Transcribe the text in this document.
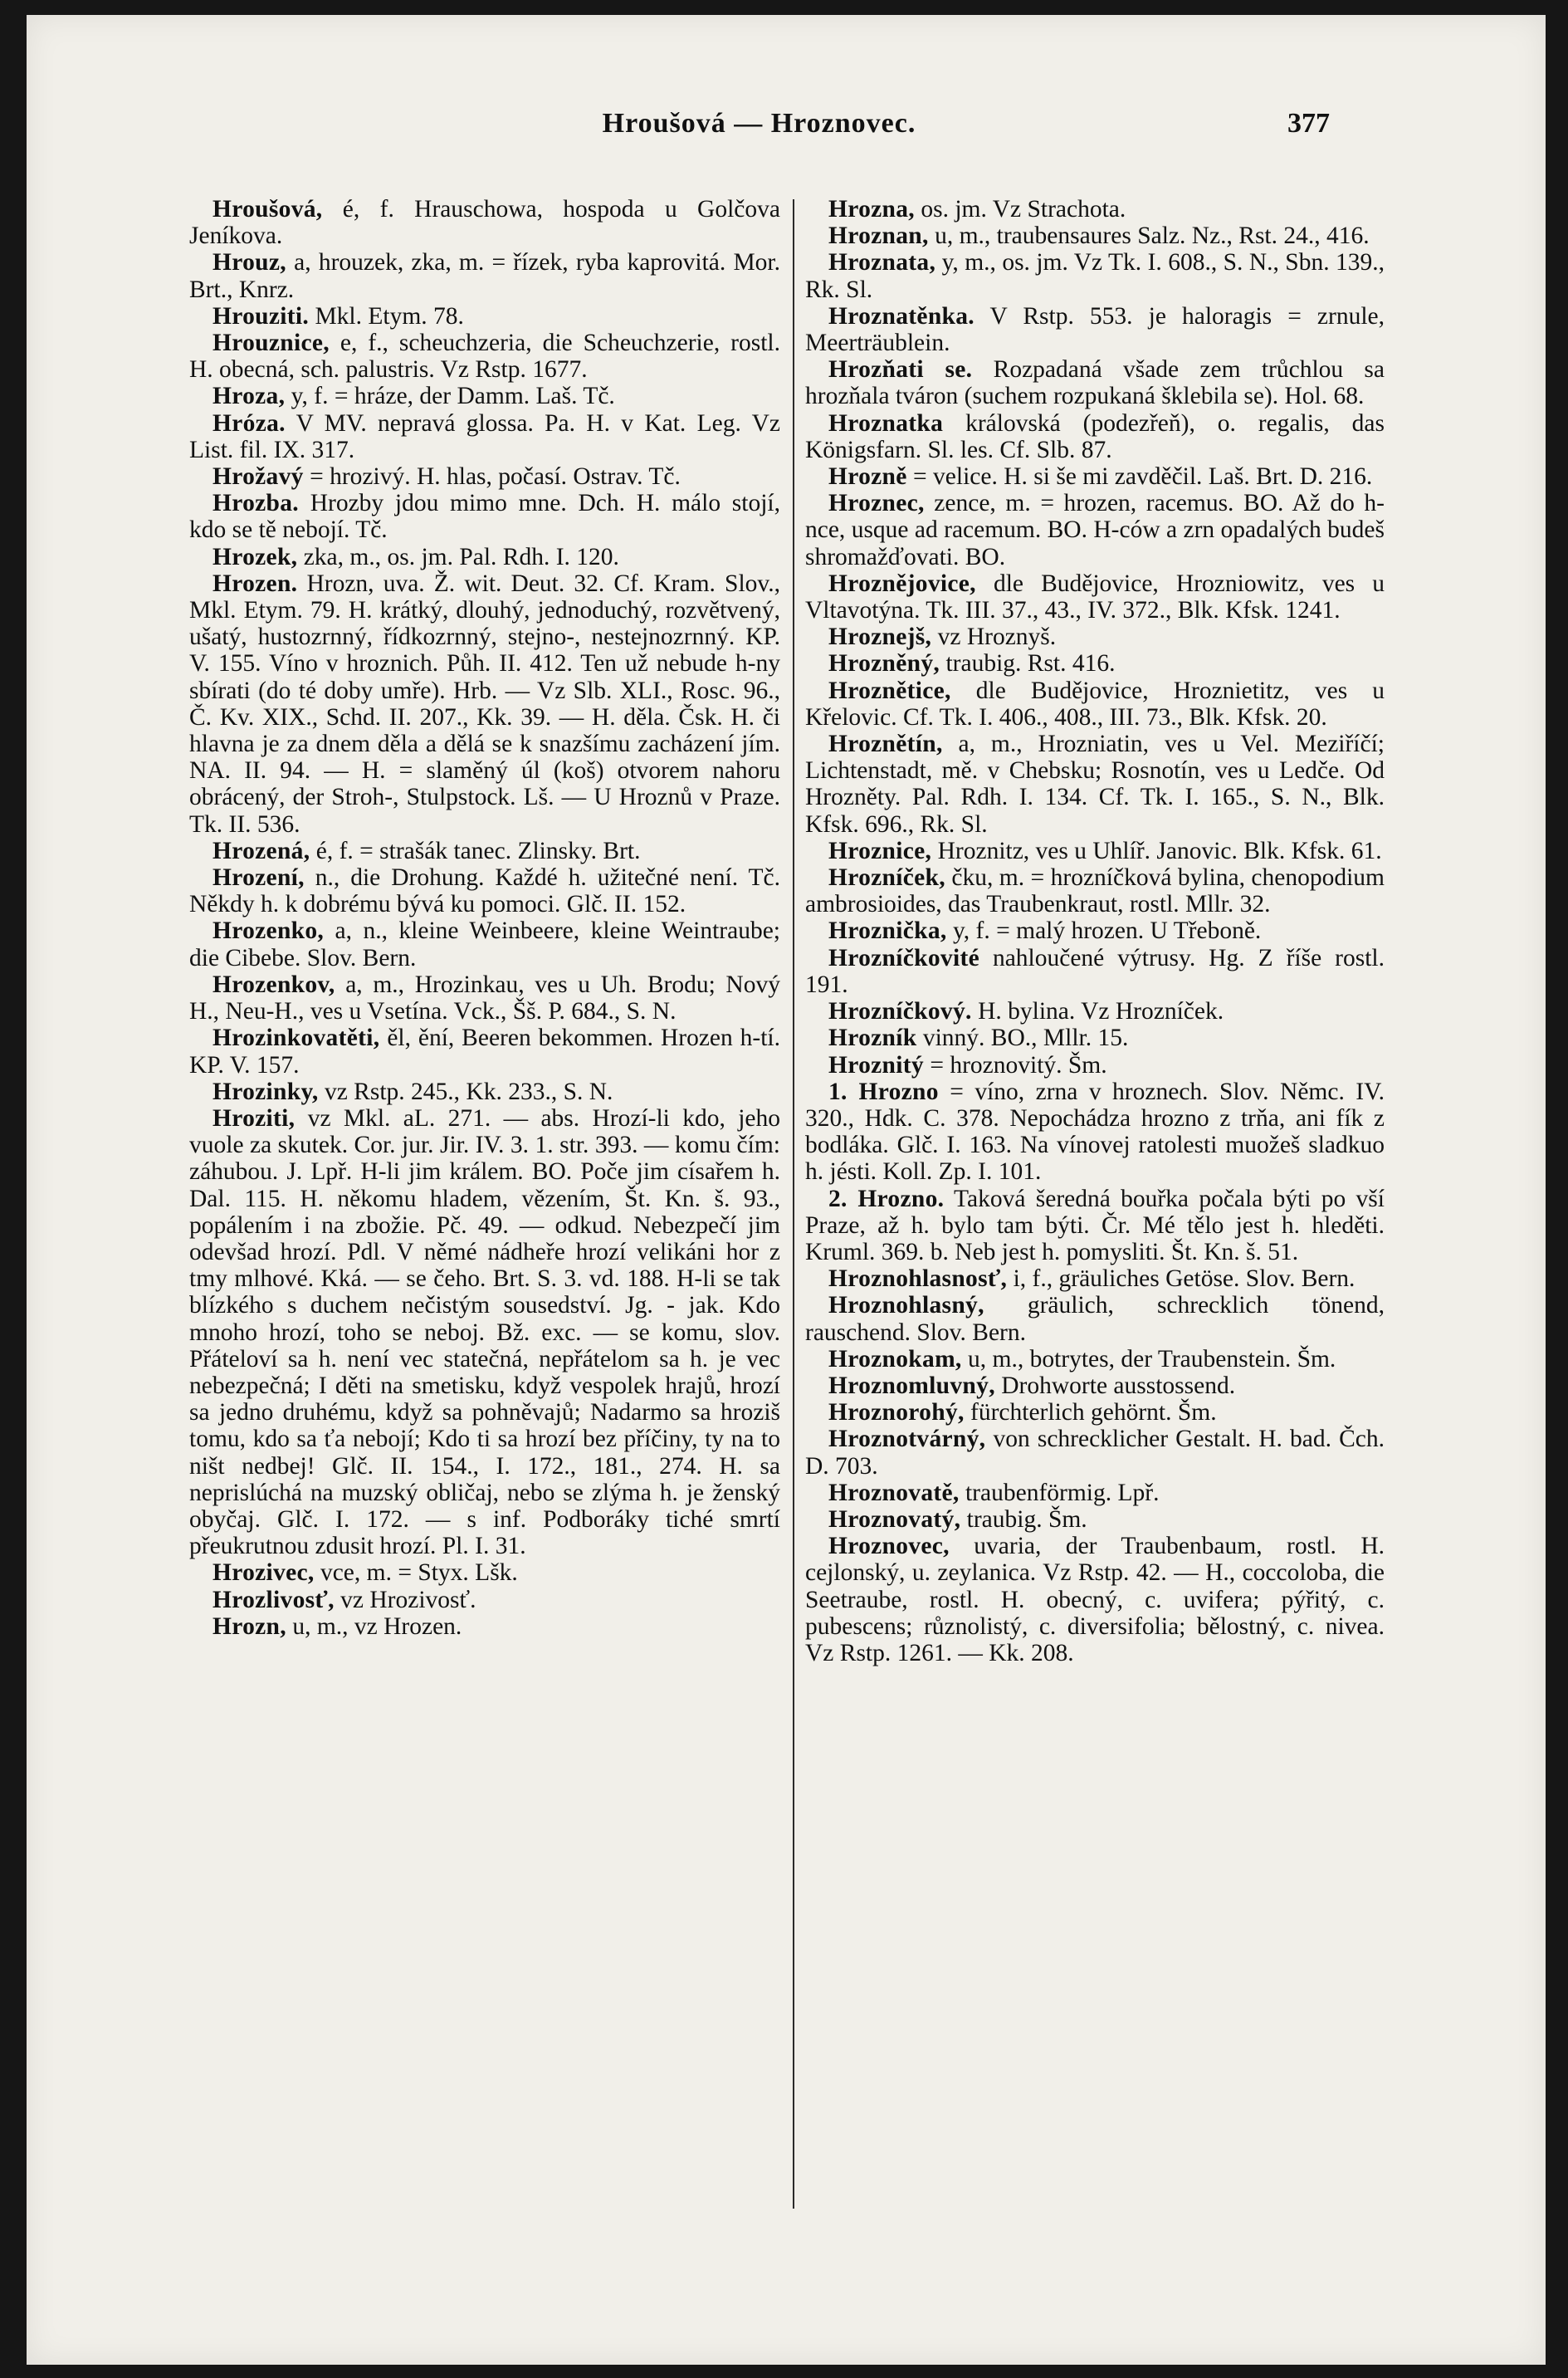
Hroušová — Hroznovec.	377

Hroušová, é, f. Hrauschowa, hospoda u Golčova Jeníkova.

Hrouz, a, hrouzek, zka, m. = řízek, ryba kaprovitá. Mor. Brt., Knrz.

Hrouziti. Mkl. Etym. 78.

Hrouznice, e, f., scheuchzeria, die Scheuchzerie, rostl. H. obecná, sch. palustris. Vz Rstp. 1677.

Hroza, y, f. = hráze, der Damm. Laš. Tč.

Hróza. V MV. nepravá glossa. Pa. H. v Kat. Leg. Vz List. fil. IX. 317.

Hrožavý = hrozivý. H. hlas, počasí. Ostrav. Tč.

Hrozba. Hrozby jdou mimo mne. Dch. H. málo stojí, kdo se tě nebojí. Tč.

Hrozek, zka, m., os. jm. Pal. Rdh. I. 120.

Hrozen. Hrozn, uva. Ž. wit. Deut. 32. Cf. Kram. Slov., Mkl. Etym. 79. H. krátký, dlouhý, jednoduchý, rozvětvený, ušatý, hustozrnný, řídkozrnný, stejno-, nestejnozrnný. KP. V. 155. Víno v hroznich. Půh. II. 412. Ten už nebude h-ny sbírati (do té doby umře). Hrb. — Vz Slb. XLI., Rosc. 96., Č. Kv. XIX., Schd. II. 207., Kk. 39. — H. děla. Čsk. H. či hlavna je za dnem děla a dělá se k snazšímu zacházení jím. NA. II. 94. — H. = slaměný úl (koš) otvorem nahoru obrácený, der Stroh-, Stulpstock. Lš. — U Hroznů v Praze. Tk. II. 536.

Hrozená, é, f. = strašák tanec. Zlinsky. Brt.

Hrození, n., die Drohung. Každé h. užitečné není. Tč. Někdy h. k dobrému bývá ku pomoci. Glč. II. 152.

Hrozenko, a, n., kleine Weinbeere, kleine Weintraube; die Cibebe. Slov. Bern.

Hrozenkov, a, m., Hrozinkau, ves u Uh. Brodu; Nový H., Neu-H., ves u Vsetína. Vck., Šš. P. 684., S. N.

Hrozinkovatěti, ěl, ění, Beeren bekommen. Hrozen h-tí. KP. V. 157.

Hrozinky, vz Rstp. 245., Kk. 233., S. N.

Hroziti, vz Mkl. aL. 271. — abs. Hrozí-li kdo, jeho vuole za skutek. Cor. jur. Jir. IV. 3. 1. str. 393. — komu čím: záhubou. J. Lpř. H-li jim králem. BO. Poče jim císařem h. Dal. 115. H. někomu hladem, vězením, Št. Kn. š. 93., popálením i na zbožie. Pč. 49. — odkud. Nebezpečí jim odevšad hrozí. Pdl. V němé nádheře hrozí velikáni hor z tmy mlhové. Kká. — se čeho. Brt. S. 3. vd. 188. H-li se tak blízkého s duchem nečistým sousedství. Jg. - jak. Kdo mnoho hrozí, toho se neboj. Bž. exc. — se komu, slov. Přáteloví sa h. není vec statečná, nepřátelom sa h. je vec nebezpečná; I děti na smetisku, když vespolek hrajů, hrozí sa jedno druhému, když sa pohněvajů; Nadarmo sa hroziš tomu, kdo sa ťa nebojí; Kdo ti sa hrozí bez příčiny, ty na to ništ nedbej! Glč. II. 154., I. 172., 181., 274. H. sa neprislúchá na muzský obličaj, nebo se zlýma h. je ženský obyčaj. Glč. I. 172. — s inf. Podboráky tiché smrtí přeukrutnou zdusit hrozí. Pl. I. 31.

Hrozivec, vce, m. = Styx. Lšk.

Hrozlivosť, vz Hrozivosť.

Hrozn, u, m., vz Hrozen.

Hrozna, os. jm. Vz Strachota.

Hroznan, u, m., traubensaures Salz. Nz., Rst. 24., 416.

Hroznata, y, m., os. jm. Vz Tk. I. 608., S. N., Sbn. 139., Rk. Sl.

Hroznatěnka. V Rstp. 553. je haloragis = zrnule, Meerträublein.

Hrozňati se. Rozpadaná všade zem trůchlou sa hrozňala tváron (suchem rozpukaná šklebila se). Hol. 68.

Hroznatka královská (podezřeň), o. regalis, das Königsfarn. Sl. les. Cf. Slb. 87.

Hrozně = velice. H. si še mi zavděčil. Laš. Brt. D. 216.

Hroznec, zence, m. = hrozen, racemus. BO. Až do h-nce, usque ad racemum. BO. H-ców a zrn opadalých budeš shromažďovati. BO.

Hroznějovice, dle Budějovice, Hrozniowitz, ves u Vltavotýna. Tk. III. 37., 43., IV. 372., Blk. Kfsk. 1241.

Hroznejš, vz Hroznyš.

Hrozněný, traubig. Rst. 416.

Hroznětice, dle Budějovice, Hroznietitz, ves u Křelovic. Cf. Tk. I. 406., 408., III. 73., Blk. Kfsk. 20.

Hroznětín, a, m., Hrozniatin, ves u Vel. Meziříčí; Lichtenstadt, mě. v Chebsku; Rosnotín, ves u Ledče. Od Hrozněty. Pal. Rdh. I. 134. Cf. Tk. I. 165., S. N., Blk. Kfsk. 696., Rk. Sl.

Hroznice, Hroznitz, ves u Uhlíř. Janovic. Blk. Kfsk. 61.

Hrozníček, čku, m. = hrozníčková bylina, chenopodium ambrosioides, das Traubenkraut, rostl. Mllr. 32.

Hroznička, y, f. = malý hrozen. U Třeboně.

Hrozníčkovité nahloučené výtrusy. Hg. Z říše rostl. 191.

Hrozníčkový. H. bylina. Vz Hrozníček.

Hrozník vinný. BO., Mllr. 15.

Hroznitý = hroznovitý. Šm.

1. Hrozno = víno, zrna v hroznech. Slov. Němc. IV. 320., Hdk. C. 378. Nepochádza hrozno z trňa, ani fík z bodláka. Glč. I. 163. Na vínovej ratolesti muožeš sladkuo h. jésti. Koll. Zp. I. 101.

2. Hrozno. Taková šeredná bouřka počala býti po vší Praze, až h. bylo tam býti. Čr. Mé tělo jest h. hleděti. Kruml. 369. b. Neb jest h. pomysliti. Št. Kn. š. 51.

Hroznohlasnosť, i, f., gräuliches Getöse. Slov. Bern.

Hroznohlasný, gräulich, schrecklich tönend, rauschend. Slov. Bern.

Hroznokam, u, m., botrytes, der Traubenstein. Šm.

Hroznomluvný, Drohworte ausstossend.

Hroznorohý, fürchterlich gehörnt. Šm.

Hroznotvárný, von schrecklicher Gestalt. H. bad. Čch. D. 703.

Hroznovatě, traubenförmig. Lpř.

Hroznovatý, traubig. Šm.

Hroznovec, uvaria, der Traubenbaum, rostl. H. cejlonský, u. zeylanica. Vz Rstp. 42. — H., coccoloba, die Seetraube, rostl. H. obecný, c. uvifera; pýřitý, c. pubescens; různolistý, c. diversifolia; bělostný, c. nivea. Vz Rstp. 1261. — Kk. 208.
